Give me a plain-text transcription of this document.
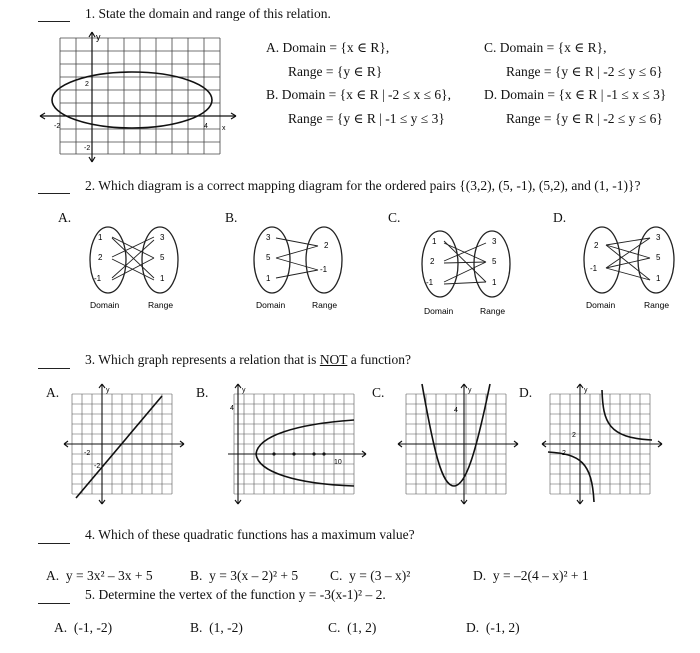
1. State the domain and range of this relation.
y
x
-2	4
2
-2
A. Domain = {x ∈ R},
Range = {y ∈ R}
B. Domain = {x ∈ R | -2 ≤ x ≤ 6},
Range = {y ∈ R | -1 ≤ y ≤ 3}
C. Domain = {x ∈ R},
Range = {y ∈ R | -2 ≤ y ≤ 6}
D. Domain = {x ∈ R | -1 ≤ x ≤ 3}
Range = {y ∈ R | -2 ≤ y ≤ 6}
2. Which diagram is a correct mapping diagram for the ordered pairs {(3,2), (5, -1), (5,2), and (1, -1)}?
A.
1
2
-1
3
5
1
Domain	Range
B.
3
5
1
2
-1
Domain	Range
C.
1
2
-1
3
5
1
Domain	Range
D.
2
-1
3
5
1
Domain	Range
3. Which graph represents a relation that is NOT a function?
A.	B.	C.	D.
y
-2
-2
y
10
4
y
4
y
2
2
4. Which of these quadratic functions has a maximum value?
A. y = 3x² – 3x + 5	B. y = 3(x – 2)² + 5 C. y = (3 – x)²	D. y = –2(4 – x)² + 1
5. Determine the vertex of the function y = -3(x-1)² – 2.
A. (-1, -2)	B. (1, -2)	C. (1, 2)	D. (-1, 2)
